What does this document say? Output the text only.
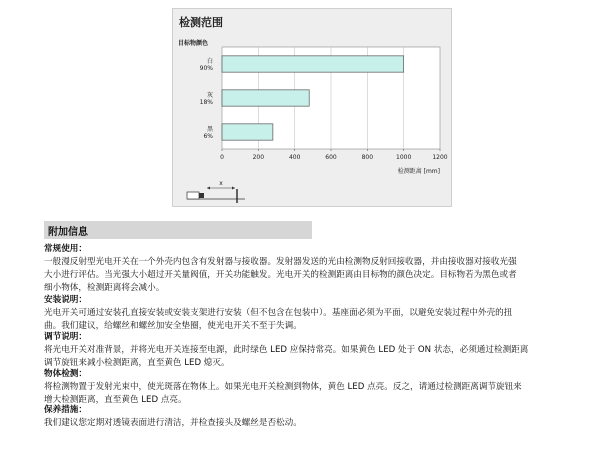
检测范围
0	200	400	600	800	1000	1200
目标物颜色
白
90%
灰
18%
黑
6%
检测距离 [mm]
x
附加信息
常规使用：
一般漫反射型光电开关在一个外壳内包含有发射器与接收器。发射器发送的光由检测物反射回接收器，并由接收器对接收光强
大小进行评估。当光强大小超过开关量阀值，开关功能触发。光电开关的检测距离由目标物的颜色决定。目标物若为黑色或者
细小物体，检测距离将会减小。
安装说明：
光电开关可通过安装孔直接安装或安装支架进行安装（但不包含在包装中）。基座面必须为平面，以避免安装过程中外壳的扭
曲。我们建议，给螺丝和螺丝加安全垫圈，使光电开关不至于失调。
调节说明：
将光电开关对准背景，并将光电开关连接至电源，此时绿色 LED 应保持常亮。如果黄色 LED 处于 ON 状态，必须通过检测距离
调节旋钮来减小检测距离，直至黄色 LED 熄灭。
物体检测：
将检测物置于发射光束中，使光斑落在物体上。如果光电开关检测到物体，黄色 LED 点亮。反之，请通过检测距离调节旋钮来
增大检测距离，直至黄色 LED 点亮。
保养措施：
我们建议您定期对透镜表面进行清洁，并检查接头及螺丝是否松动。
